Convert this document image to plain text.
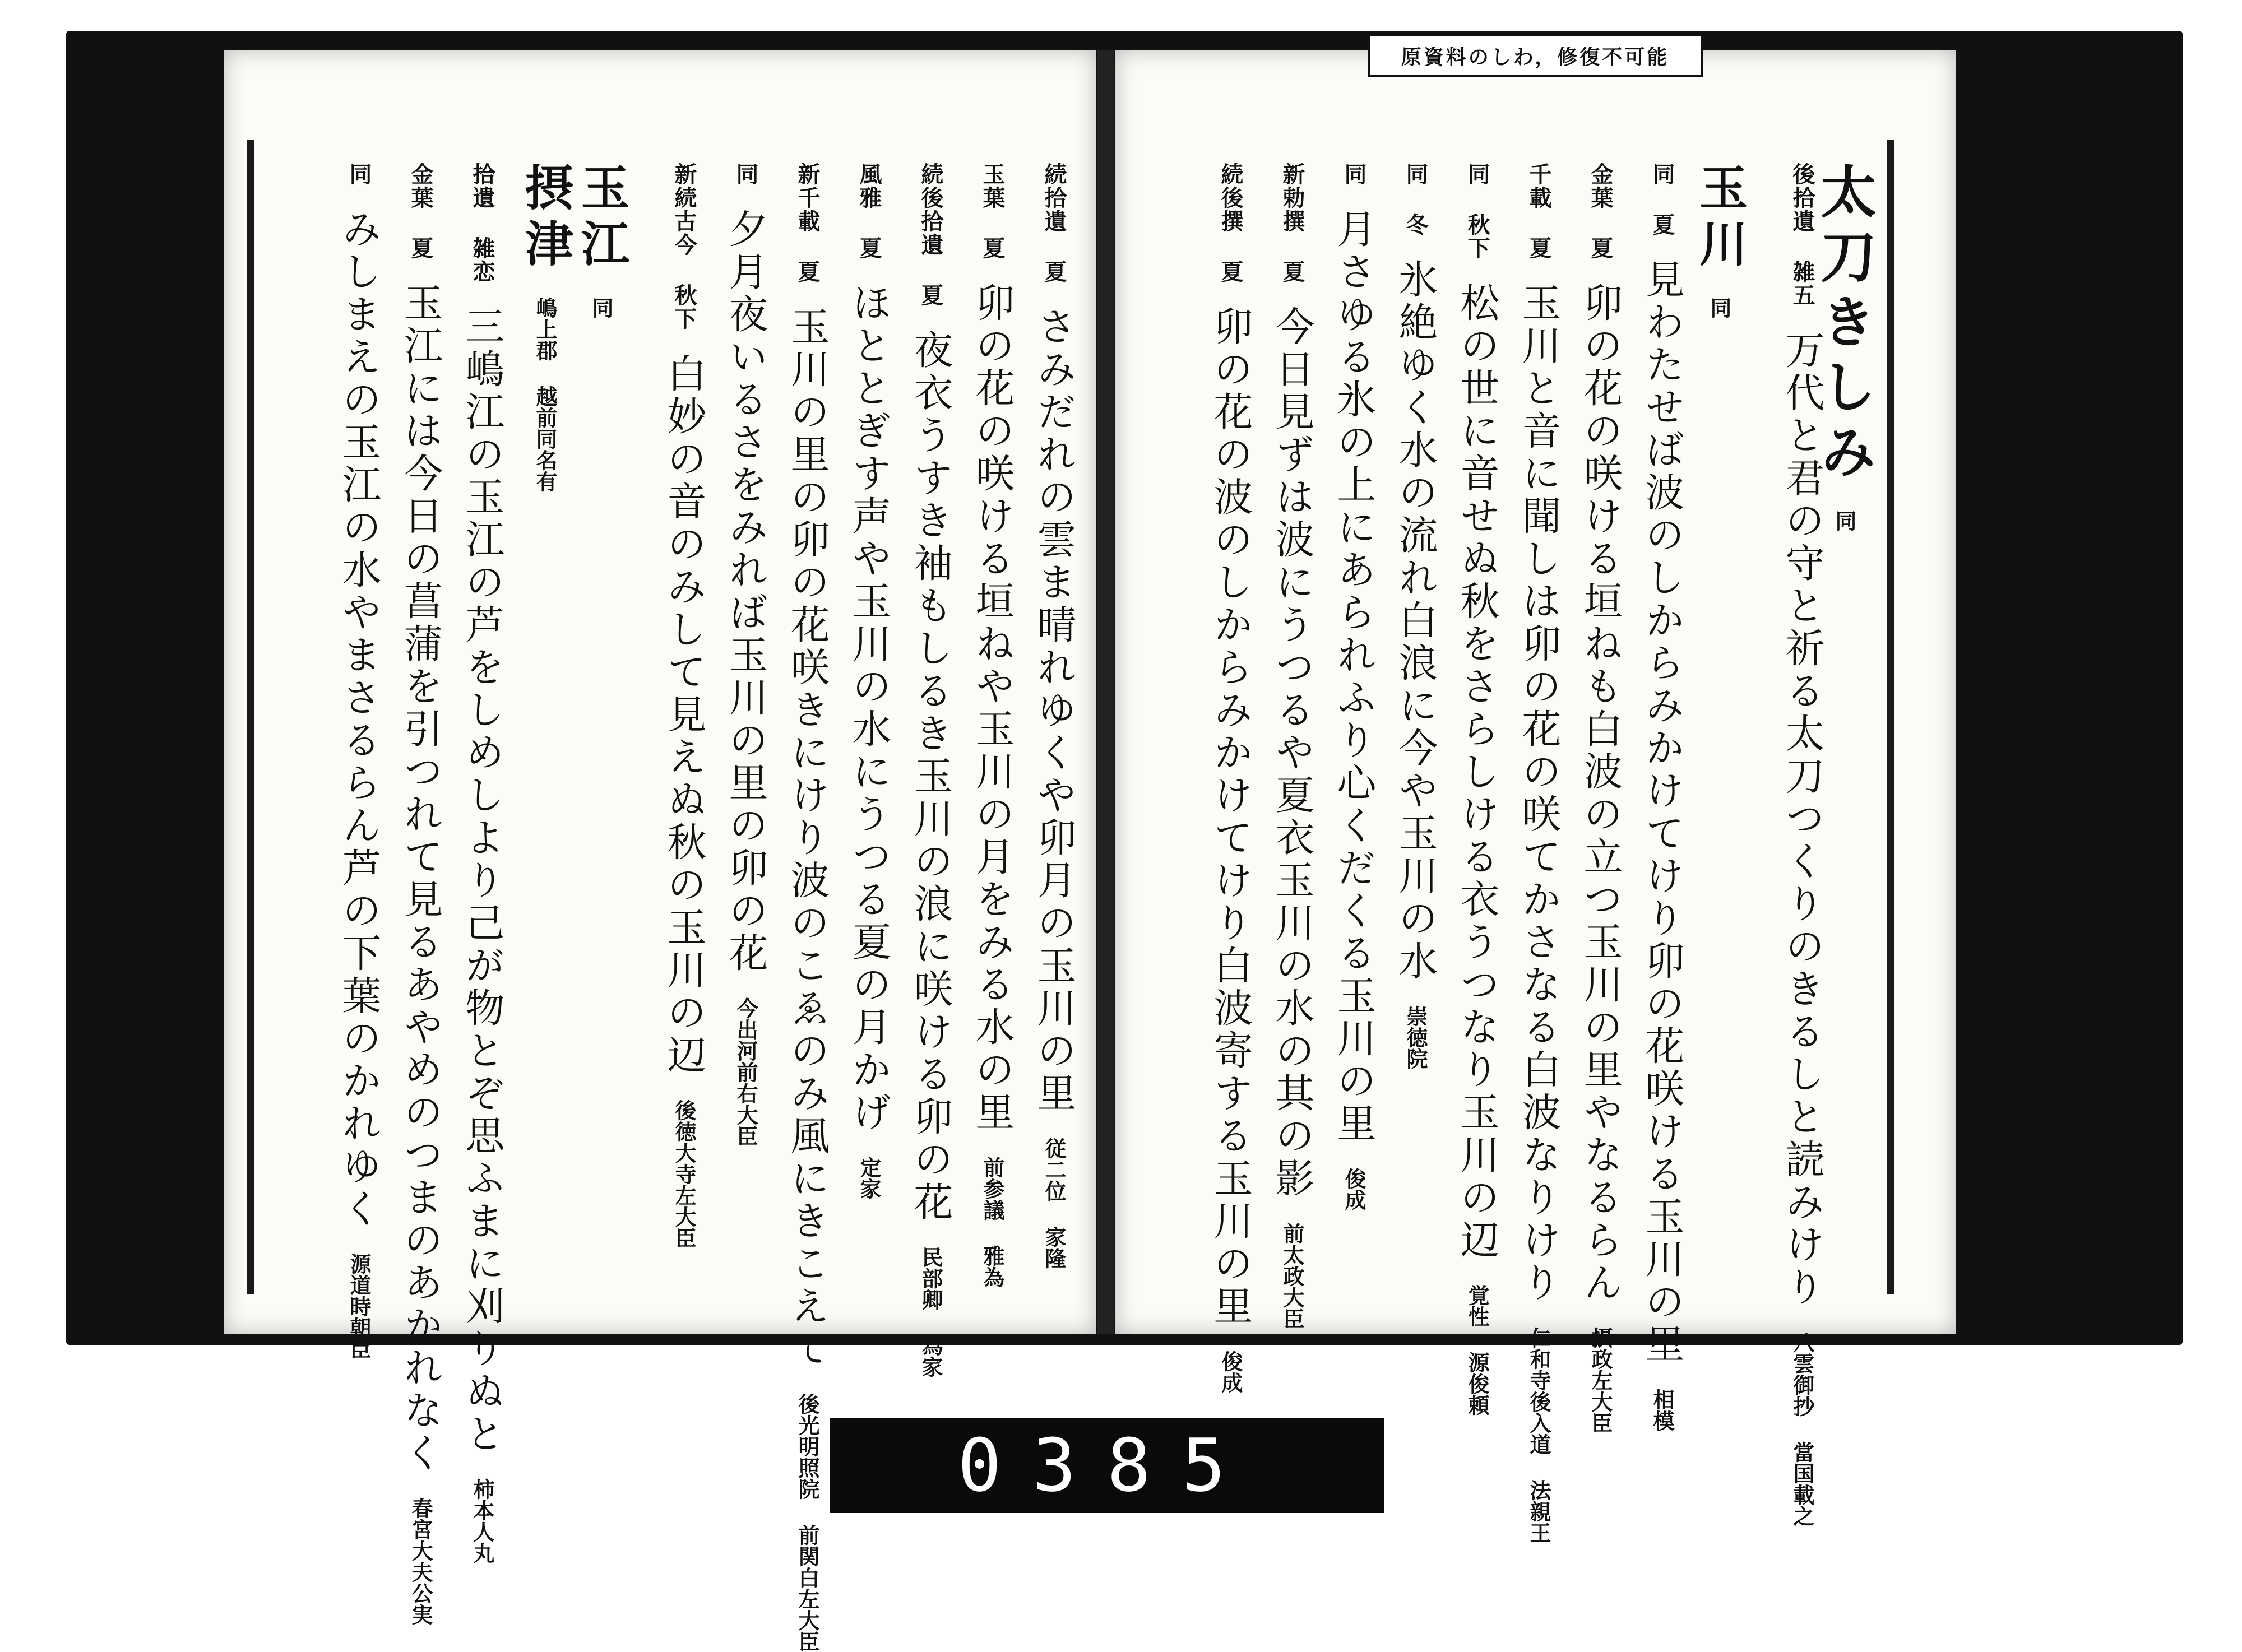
太刀きしみ同
後拾遺 雑五万代と君の守と祈る太刀つくりのきるしと読みけり八雲御抄 當国載之
玉川同
同 夏見わたせば波のしからみかけてけり卯の花咲ける玉川の里相模
金葉 夏卯の花の咲ける垣ねも白波の立つ玉川の里やなるらん摂政左大臣
千載 夏玉川と音に聞しは卯の花の咲てかさなる白波なりけり仁和寺後入道 法親王
同 秋下松の世に音せぬ秋をさらしける衣うつなり玉川の辺覚性 源俊頼
同 冬氷絶ゆく水の流れ白浪に今や玉川の水崇徳院
同月さゆる氷の上にあられふり心くだくる玉川の里俊成
新勅撰 夏今日見ずは波にうつるや夏衣玉川の水の其の影前太政大臣
続後撰 夏卯の花の波のしからみかけてけり白波寄する玉川の里俊成
続拾遺 夏さみだれの雲ま晴れゆくや卯月の玉川の里従二位 家隆
玉葉 夏卯の花の咲ける垣ねや玉川の月をみる水の里前参議 雅為
続後拾遺 夏夜衣うすき袖もしるき玉川の浪に咲ける卯の花民部卿 為家
風雅 夏ほととぎす声や玉川の水にうつる夏の月かげ定家
新千載 夏玉川の里の卯の花咲きにけり波のこゑのみ風にきこえて後光明照院 前関白左大臣
同夕月夜いるさをみれば玉川の里の卯の花今出河前右大臣
新続古今 秋下白妙の音のみして見えぬ秋の玉川の辺後徳大寺左大臣
玉江同
摂津嶋上郡 越前同名有
拾遺 雑恋三嶋江の玉江の芦をしめしより己が物とぞ思ふまに刈りぬと柿本人丸
金葉 夏玉江には今日の菖蒲を引つれて見るあやめのつまのあかれなく春宮大夫公実
同みしまえの玉江の水やまさるらん芦の下葉のかれゆく源道時朝臣
原資料のしわ，修復不可能
0385
